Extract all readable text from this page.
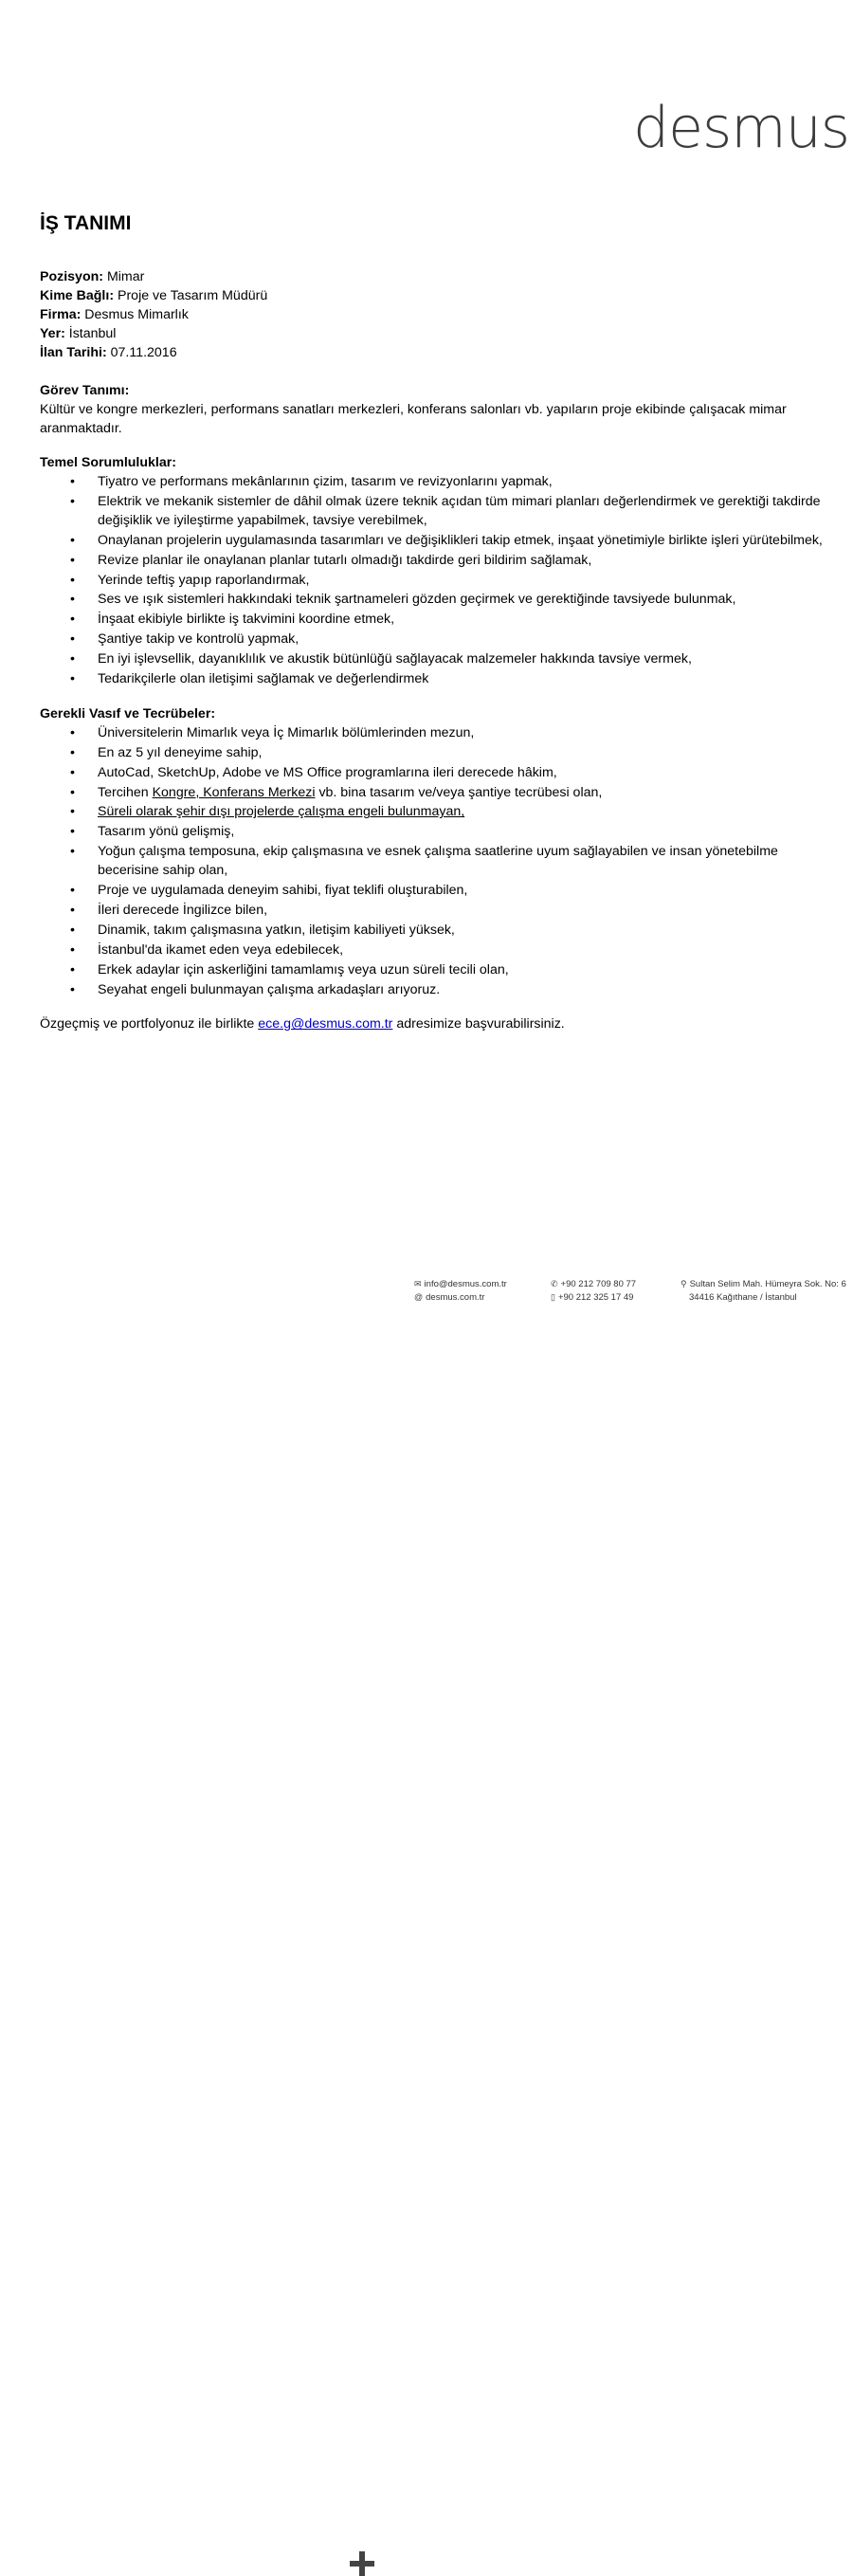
desmus
İŞ TANIMI

Pozisyon: Mimar

Kime Bağlı: Proje ve Tasarım Müdürü

Firma: Desmus Mimarlık

Yer: İstanbul

İlan Tarihi: 07.11.2016

Görev Tanımı:

Kültür ve kongre merkezleri, performans sanatları merkezleri, konferans salonları vb. yapıların proje ekibinde çalışacak mimar aranmaktadır.

Temel Sorumluluklar:

• Tiyatro ve performans mekânlarının çizim, tasarım ve revizyonlarını yapmak,
• Elektrik ve mekanik sistemler de dâhil olmak üzere teknik açıdan tüm mimari planları değerlendirmek ve gerektiği takdirde değişiklik ve iyileştirme yapabilmek, tavsiye verebilmek,
• Onaylanan projelerin uygulamasında tasarımları ve değişiklikleri takip etmek, inşaat yönetimiyle birlikte işleri yürütebilmek,
• Revize planlar ile onaylanan planlar tutarlı olmadığı takdirde geri bildirim sağlamak,
• Yerinde teftiş yapıp raporlandırmak,
• Ses ve ışık sistemleri hakkındaki teknik şartnameleri gözden geçirmek ve gerektiğinde tavsiyede bulunmak,
• İnşaat ekibiyle birlikte iş takvimini koordine etmek,
• Şantiye takip ve kontrolü yapmak,
• En iyi işlevsellik, dayanıklılık ve akustik bütünlüğü sağlayacak malzemeler hakkında tavsiye vermek,
• Tedarikçilerle olan iletişimi sağlamak ve değerlendirmek

Gerekli Vasıf ve Tecrübeler:

• Üniversitelerin Mimarlık veya İç Mimarlık bölümlerinden mezun,
• En az 5 yıl deneyime sahip,
• AutoCad, SketchUp, Adobe ve MS Office programlarına ileri derecede hâkim,
• Tercihen Kongre, Konferans Merkezi vb. bina tasarım ve/veya şantiye tecrübesi olan,
• Süreli olarak şehir dışı projelerde çalışma engeli bulunmayan,
• Tasarım yönü gelişmiş,
• Yoğun çalışma temposuna, ekip çalışmasına ve esnek çalışma saatlerine uyum sağlayabilen ve insan yönetebilme becerisine sahip olan,
• Proje ve uygulamada deneyim sahibi, fiyat teklifi oluşturabilen,
• İleri derecede İngilizce bilen,
• Dinamik, takım çalışmasına yatkın, iletişim kabiliyeti yüksek,
• İstanbul'da ikamet eden veya edebilecek,
• Erkek adaylar için askerliğini tamamlamış veya uzun süreli tecili olan,
• Seyahat engeli bulunmayan çalışma arkadaşları arıyoruz.

Özgeçmiş ve portfolyonuz ile birlikte ece.g@desmus.com.tr adresimize başvurabilirsiniz.

✉ info@desmus.com.tr
@ desmus.com.tr
✆ +90 212 709 80 77
▯ +90 212 325 17 49
⚲ Sultan Selim Mah. Hümeyra Sok. No: 6
34416 Kağıthane / İstanbul
